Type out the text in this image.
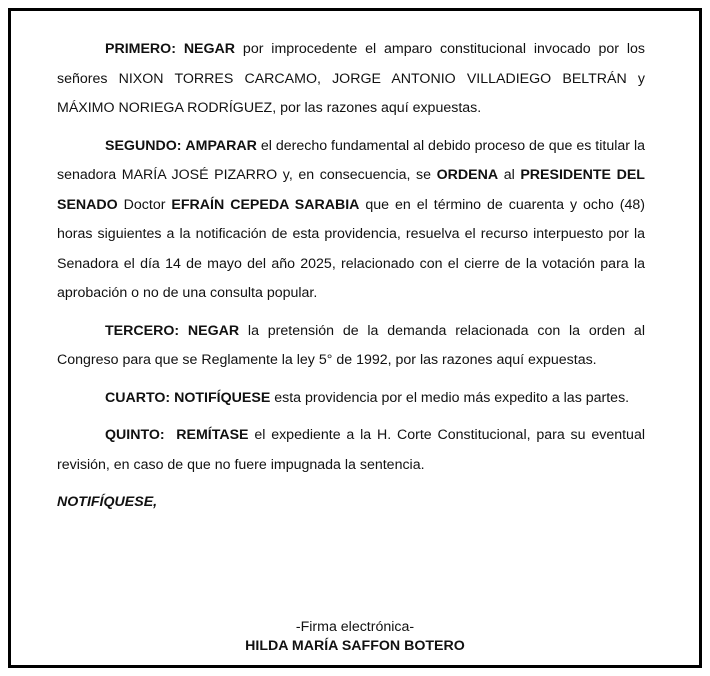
PRIMERO: NEGAR por improcedente el amparo constitucional invocado por los señores NIXON TORRES CARCAMO, JORGE ANTONIO VILLADIEGO BELTRÁN y MÁXIMO NORIEGA RODRÍGUEZ, por las razones aquí expuestas.

SEGUNDO: AMPARAR el derecho fundamental al debido proceso de que es titular la senadora MARÍA JOSÉ PIZARRO y, en consecuencia, se ORDENA al PRESIDENTE DEL SENADO Doctor EFRAÍN CEPEDA SARABIA que en el término de cuarenta y ocho (48) horas siguientes a la notificación de esta providencia, resuelva el recurso interpuesto por la Senadora el día 14 de mayo del año 2025, relacionado con el cierre de la votación para la aprobación o no de una consulta popular.

TERCERO: NEGAR la pretensión de la demanda relacionada con la orden al Congreso para que se Reglamente la ley 5° de 1992, por las razones aquí expuestas.

CUARTO: NOTIFÍQUESE esta providencia por el medio más expedito a las partes.

QUINTO: REMÍTASE el expediente a la H. Corte Constitucional, para su eventual revisión, en caso de que no fuere impugnada la sentencia.

NOTIFÍQUESE,

-Firma electrónica-
HILDA MARÍA SAFFON BOTERO
